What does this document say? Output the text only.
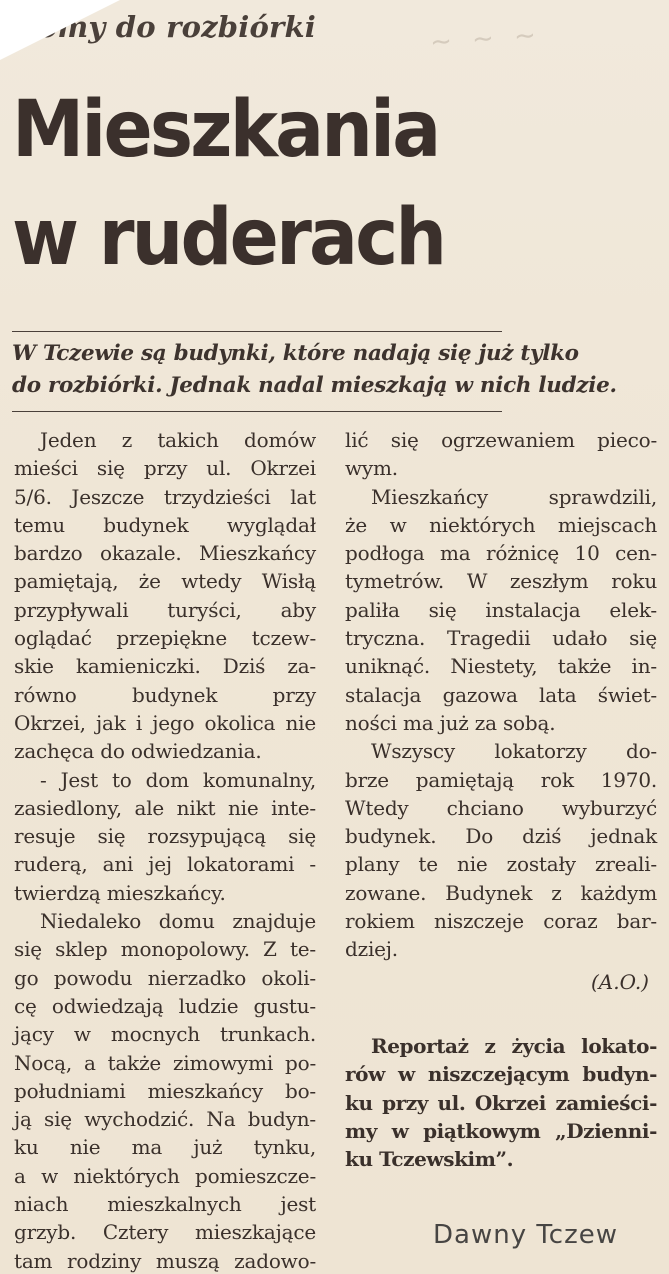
~ ~ ~
omy do rozbiórki
Mieszkania
w ruderach
W Tczewie są budynki, które nadają się już tylko
do rozbiórki. Jednak nadal mieszkają w nich ludzie.
Jeden z takich domów
mieści się przy ul. Okrzei
5/6. Jeszcze trzydzieści lat
temu budynek wyglądał
bardzo okazale. Mieszkańcy
pamiętają, że wtedy Wisłą
przypływali turyści, aby
oglądać przepiękne tczew-
skie kamieniczki. Dziś za-
równo budynek przy
Okrzei, jak i jego okolica nie
zachęca do odwiedzania.
- Jest to dom komunalny,
zasiedlony, ale nikt nie inte-
resuje się rozsypującą się
ruderą, ani jej lokatorami -
twierdzą mieszkańcy.
Niedaleko domu znajduje
się sklep monopolowy. Z te-
go powodu nierzadko okoli-
cę odwiedzają ludzie gustu-
jący w mocnych trunkach.
Nocą, a także zimowymi po-
południami mieszkańcy bo-
ją się wychodzić. Na budyn-
ku nie ma już tynku,
a w niektórych pomieszcze-
niach mieszkalnych jest
grzyb. Cztery mieszkające
tam rodziny muszą zadowo-
lić się ogrzewaniem pieco-
wym.
Mieszkańcy sprawdzili,
że w niektórych miejscach
podłoga ma różnicę 10 cen-
tymetrów. W zeszłym roku
paliła się instalacja elek-
tryczna. Tragedii udało się
uniknąć. Niestety, także in-
stalacja gazowa lata świet-
ności ma już za sobą.
Wszyscy lokatorzy do-
brze pamiętają rok 1970.
Wtedy chciano wyburzyć
budynek. Do dziś jednak
plany te nie zostały zreali-
zowane. Budynek z każdym
rokiem niszczeje coraz bar-
dziej.
(A.O.)
Reportaż z życia lokato-
rów w niszczejącym budyn-
ku przy ul. Okrzei zamieści-
my w piątkowym „Dzienni-
ku Tczewskim”.
Dawny Tczew
